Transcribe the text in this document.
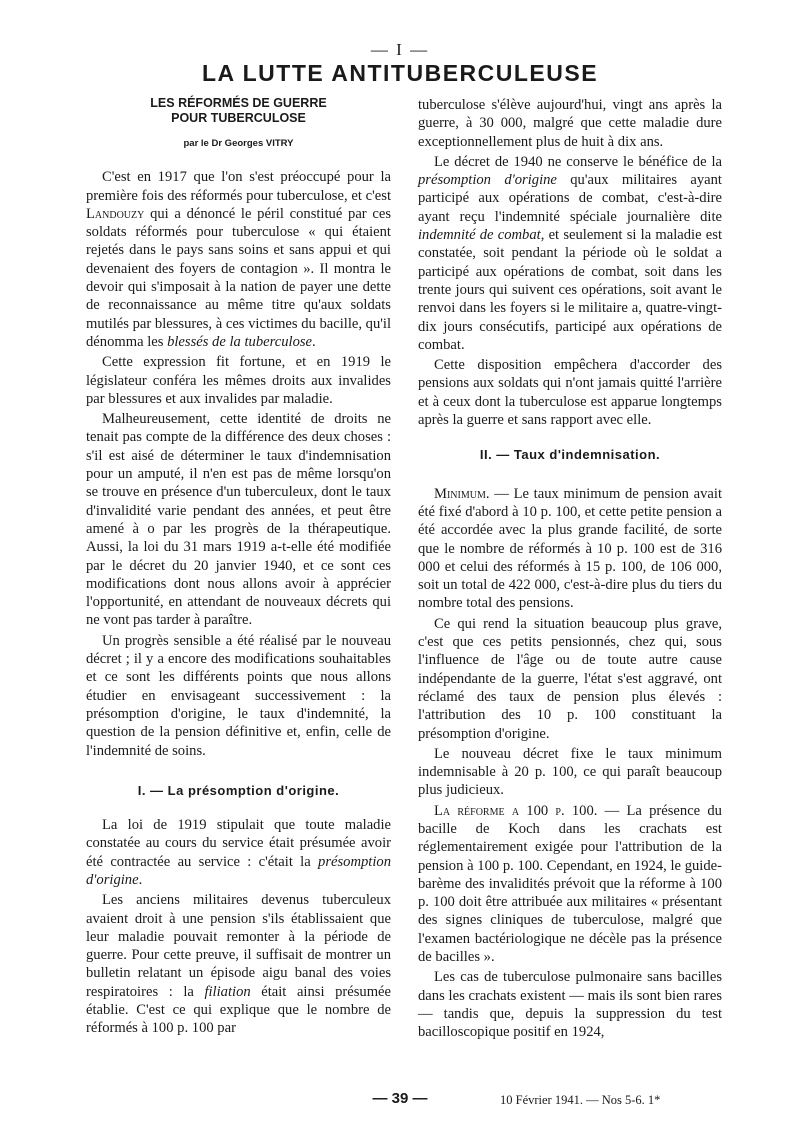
— I —
LA LUTTE ANTITUBERCULEUSE
LES RÉFORMÉS DE GUERRE
POUR TUBERCULOSE
par le Dr Georges VITRY

C'est en 1917 que l'on s'est préoccupé pour la première fois des réformés pour tuberculose, et c'est Landouzy qui a dénoncé le péril constitué par ces soldats réformés pour tuberculose « qui étaient rejetés dans le pays sans soins et sans appui et qui devenaient des foyers de contagion ». Il montra le devoir qui s'imposait à la nation de payer une dette de reconnaissance au même titre qu'aux soldats mutilés par blessures, à ces victimes du bacille, qu'il dénomma les blessés de la tuberculose.

Cette expression fit fortune, et en 1919 le législateur conféra les mêmes droits aux invalides par blessures et aux invalides par maladie.

Malheureusement, cette identité de droits ne tenait pas compte de la différence des deux choses : s'il est aisé de déterminer le taux d'indemnisation pour un amputé, il n'en est pas de même lorsqu'on se trouve en présence d'un tuberculeux, dont le taux d'invalidité varie pendant des années, et peut être amené à o par les progrès de la thérapeutique. Aussi, la loi du 31 mars 1919 a-t-elle été modifiée par le décret du 20 janvier 1940, et ce sont ces modifications dont nous allons avoir à apprécier l'opportunité, en attendant de nouveaux décrets qui ne vont pas tarder à paraître.

Un progrès sensible a été réalisé par le nouveau décret ; il y a encore des modifications souhaitables et ce sont les différents points que nous allons étudier en envisageant successivement : la présomption d'origine, le taux d'indemnité, la question de la pension définitive et, enfin, celle de l'indemnité de soins.

I. — La présomption d'origine.

La loi de 1919 stipulait que toute maladie constatée au cours du service était présumée avoir été contractée au service : c'était la présomption d'origine.

Les anciens militaires devenus tuberculeux avaient droit à une pension s'ils établissaient que leur maladie pouvait remonter à la période de guerre. Pour cette preuve, il suffisait de montrer un bulletin relatant un épisode aigu banal des voies respiratoires : la filiation était ainsi présumée établie. C'est ce qui explique que le nombre de réformés à 100 p. 100 par

tuberculose s'élève aujourd'hui, vingt ans après la guerre, à 30 000, malgré que cette maladie dure exceptionnellement plus de huit à dix ans.

Le décret de 1940 ne conserve le bénéfice de la présomption d'origine qu'aux militaires ayant participé aux opérations de combat, c'est-à-dire ayant reçu l'indemnité spéciale journalière dite indemnité de combat, et seulement si la maladie est constatée, soit pendant la période où le soldat a participé aux opérations de combat, soit dans les trente jours qui suivent ces opérations, soit avant le renvoi dans les foyers si le militaire a, quatre-vingt-dix jours consécutifs, participé aux opérations de combat.

Cette disposition empêchera d'accorder des pensions aux soldats qui n'ont jamais quitté l'arrière et à ceux dont la tuberculose est apparue longtemps après la guerre et sans rapport avec elle.

II. — Taux d'indemnisation.

Minimum. — Le taux minimum de pension avait été fixé d'abord à 10 p. 100, et cette petite pension a été accordée avec la plus grande facilité, de sorte que le nombre de réformés à 10 p. 100 est de 316 000 et celui des réformés à 15 p. 100, de 106 000, soit un total de 422 000, c'est-à-dire plus du tiers du nombre total des pensions.

Ce qui rend la situation beaucoup plus grave, c'est que ces petits pensionnés, chez qui, sous l'influence de l'âge ou de toute autre cause indépendante de la guerre, l'état s'est aggravé, ont réclamé des taux de pension plus élevés : l'attribution des 10 p. 100 constituant la présomption d'origine.

Le nouveau décret fixe le taux minimum indemnisable à 20 p. 100, ce qui paraît beaucoup plus judicieux.

La réforme a 100 p. 100. — La présence du bacille de Koch dans les crachats est réglementairement exigée pour l'attribution de la pension à 100 p. 100. Cependant, en 1924, le guide-barème des invalidités prévoit que la réforme à 100 p. 100 doit être attribuée aux militaires « présentant des signes cliniques de tuberculose, malgré que l'examen bactériologique ne décèle pas la présence de bacilles ».

Les cas de tuberculose pulmonaire sans bacilles dans les crachats existent — mais ils sont bien rares — tandis que, depuis la suppression du test bacilloscopique positif en 1924,

— 39 —	10 Février 1941. — Nos 5-6. 1*
